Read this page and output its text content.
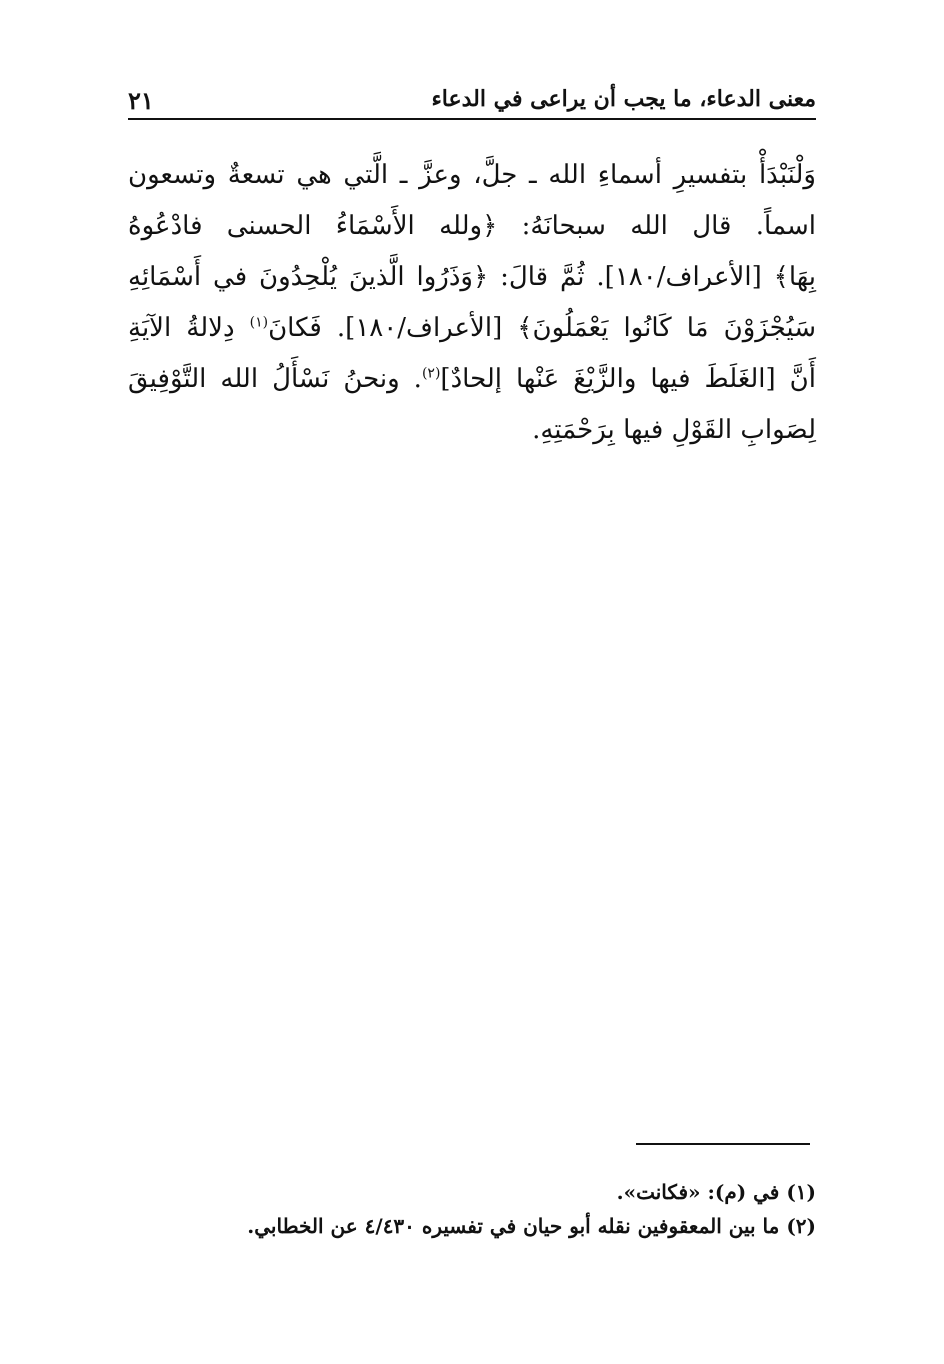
معنى الدعاء، ما يجب أن يراعى في الدعاء
٢١
وَلْنَبْدَأْ بتفسيرِ أسماءِ الله ـ جلَّ، وعزَّ ـ الَّتي هي تسعةٌ وتسعون
اسماً. قال الله سبحانَهُ: ﴿ولله الأَسْمَاءُ الحسنى فادْعُوهُ
بِهَا﴾ [الأعراف/١٨٠]. ثُمَّ قالَ: ﴿وَذَرُوا الَّذينَ يُلْحِدُونَ في أَسْمَائِهِ
سَيُجْزَوْنَ مَا كَانُوا يَعْمَلُونَ﴾ [الأعراف/١٨٠]. فَكانَ$^{(١)}$ دِلالةُ الآيَةِ
أَنَّ [الغَلَطَ فيها والزَّيْغَ عَنْها إلحادٌ]$^{(٢)}$. ونحنُ نَسْأَلُ الله التَّوْفِيقَ
لِصَوابِ القَوْلِ فيها بِرَحْمَتِهِ.
(١) في (م): «فكانت».
(٢) ما بين المعقوفين نقله أبو حيان في تفسيره ٤/٤٣٠ عن الخطابي.
